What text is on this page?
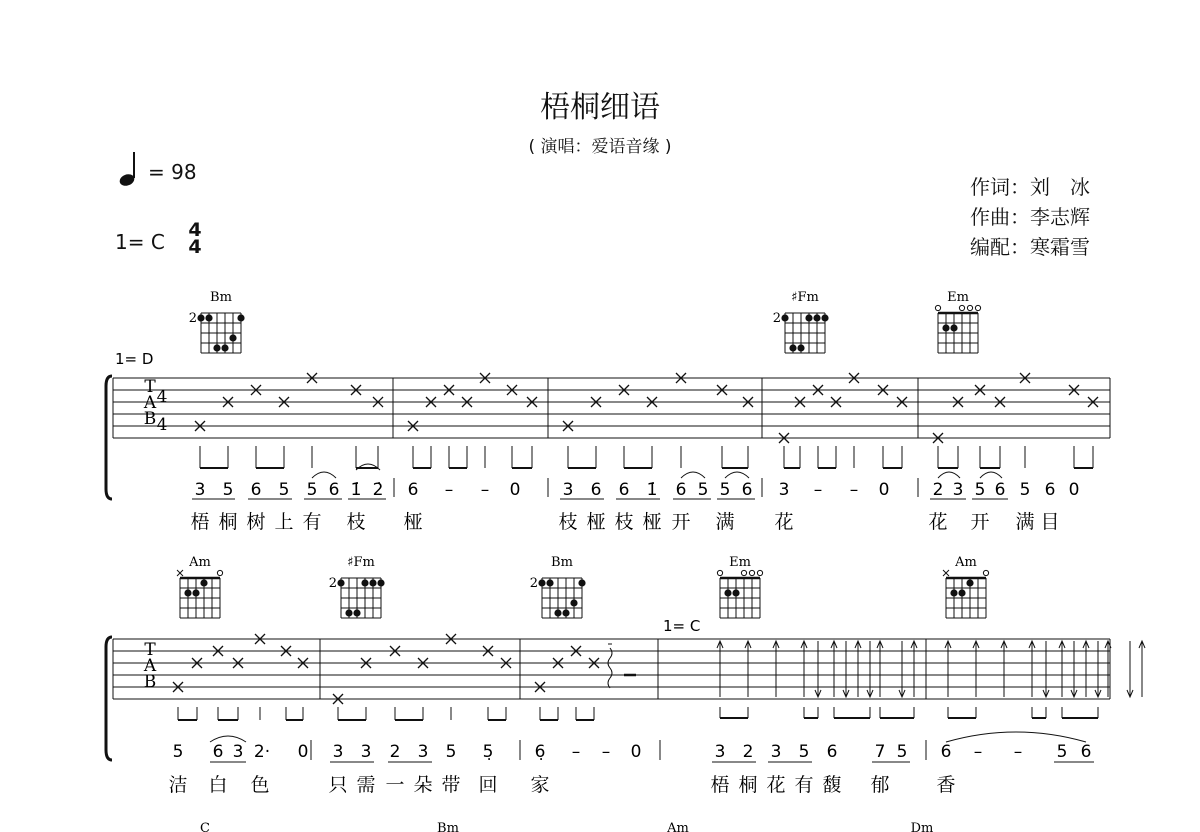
梧桐细语
( 演唱：爱语音缘 )
= 98
1= C 4
4
作词：刘　冰
作曲：李志辉
编配：寒霜雪
Bm
2
♯Fm
2
Em
1= D
T
A
B
4
4
3 5 6 5 5 6 1̇ 2̇ 6 – – 0 3 6 6 1̇ 6 5 5 6 3 – – 0	2 3 5 6 5 6 0
梧 桐 树 上 有 枝 桠	枝 桠 枝 桠 开 满 花	花 开 满 目
Am	♯Fm
2
Bm
2
Em	Am
1= C
T
A
B
5 6 3 2· 0 3 3 2 3 5 5̣ 6̣ – – 0	3 2 3 5 6 7 5 6 – – 5 6
洁 白 色	只 需 一 朵 带 回 家	梧 桐 花 有 馥 郁 香
C	Bm	Am	Dm
